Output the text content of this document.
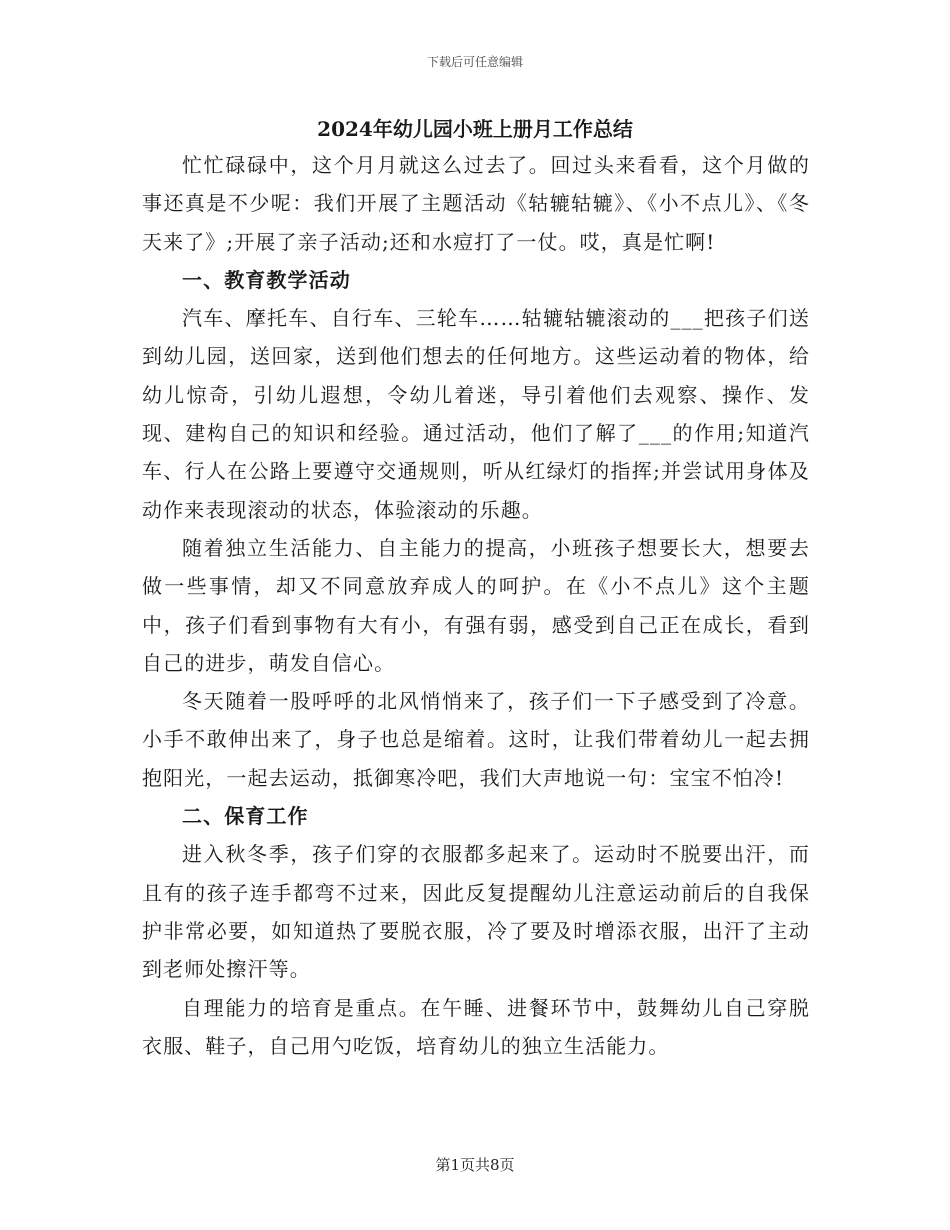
下载后可任意编辑
2024年幼儿园小班上册月工作总结

忙忙碌碌中，这个月月就这么过去了。回过头来看看，这个月做的事还真是不少呢：我们开展了主题活动《轱辘轱辘》、《小不点儿》、《冬天来了》;开展了亲子活动;还和水痘打了一仗。哎，真是忙啊!

一、教育教学活动

汽车、摩托车、自行车、三轮车……轱辘轱辘滚动的___把孩子们送到幼儿园，送回家，送到他们想去的任何地方。这些运动着的物体，给幼儿惊奇，引幼儿遐想，令幼儿着迷，导引着他们去观察、操作、发现、建构自己的知识和经验。通过活动，他们了解了___的作用;知道汽车、行人在公路上要遵守交通规则，听从红绿灯的指挥;并尝试用身体及动作来表现滚动的状态，体验滚动的乐趣。

随着独立生活能力、自主能力的提高，小班孩子想要长大，想要去做一些事情，却又不同意放弃成人的呵护。在《小不点儿》这个主题中，孩子们看到事物有大有小，有强有弱，感受到自己正在成长，看到自己的进步，萌发自信心。

冬天随着一股呼呼的北风悄悄来了，孩子们一下子感受到了冷意。小手不敢伸出来了，身子也总是缩着。这时，让我们带着幼儿一起去拥抱阳光，一起去运动，抵御寒冷吧，我们大声地说一句：宝宝不怕冷!

二、保育工作

进入秋冬季，孩子们穿的衣服都多起来了。运动时不脱要出汗，而且有的孩子连手都弯不过来，因此反复提醒幼儿注意运动前后的自我保护非常必要，如知道热了要脱衣服，冷了要及时增添衣服，出汗了主动到老师处擦汗等。

自理能力的培育是重点。在午睡、进餐环节中，鼓舞幼儿自己穿脱衣服、鞋子，自己用勺吃饭，培育幼儿的独立生活能力。

第1页共8页
